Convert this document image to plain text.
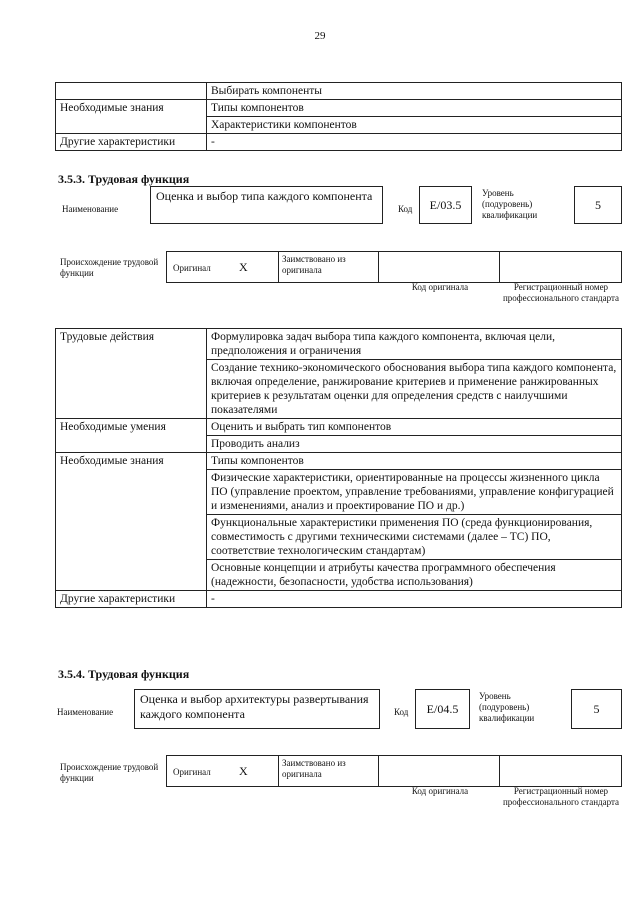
29
	Выбирать компоненты
Необходимые знания	Типы компонентов
	Характеристики компонентов
Другие характеристики	-
3.5.3. Трудовая функция
Наименование
Оценка и выбор типа каждого компонента
Код	E/03.5
Уровень (подуровень) квалификации
5
Происхождение трудовой функции	Оригинал X
Заимствовано из оригинала
Код оригинала	Регистрационный номер профессионального стандарта
Трудовые действия	Формулировка задач выбора типа каждого компонента, включая цели, предположения и ограничения
	Создание технико-экономического обоснования выбора типа каждого компонента, включая определение, ранжирование критериев и применение ранжированных критериев к результатам оценки для определения средств с наилучшими показателями
Необходимые умения	Оценить и выбрать тип компонентов
	Проводить анализ
Необходимые знания	Типы компонентов
	Физические характеристики, ориентированные на процессы жизненного цикла ПО (управление проектом, управление требованиями, управление конфигурацией и изменениями, анализ и проектирование ПО и др.)
	Функциональные характеристики применения ПО (среда функционирования, совместимость с другими техническими системами (далее – ТС) ПО, соответствие технологическим стандартам)
	Основные концепции и атрибуты качества программного обеспечения (надежности, безопасности, удобства использования)
Другие характеристики	-
3.5.4. Трудовая функция
Наименование
Оценка и выбор архитектуры развертывания каждого компонента	Код	E/04.5
Уровень (подуровень) квалификации
5
Происхождение трудовой функции
Оригинал X
Заимствовано из оригинала
Код оригинала	Регистрационный номер профессионального стандарта
